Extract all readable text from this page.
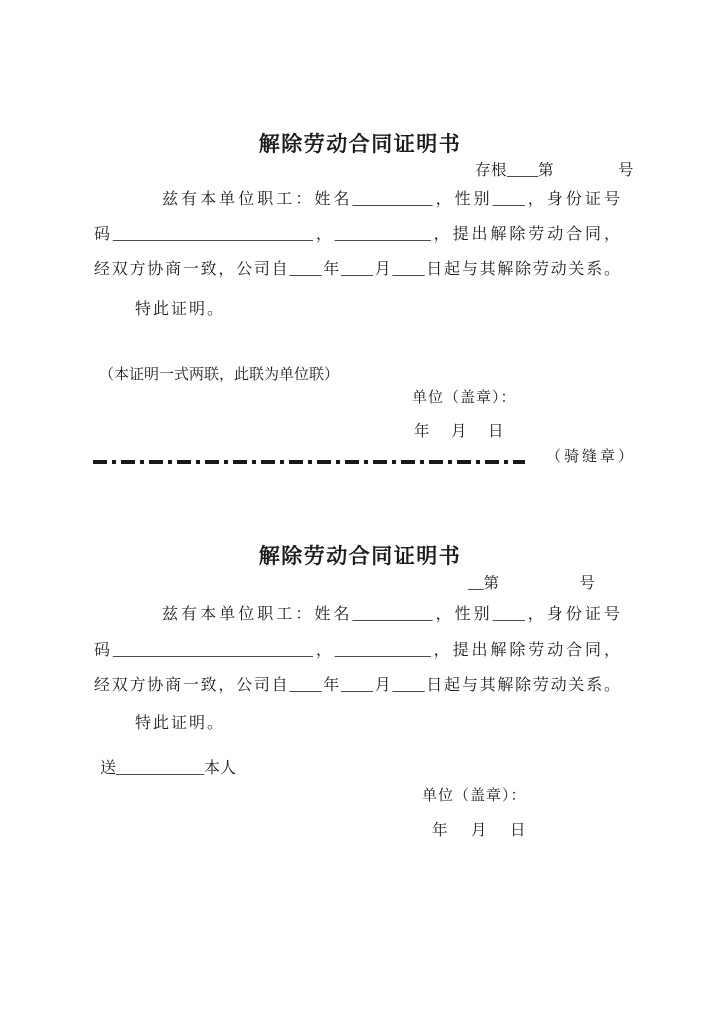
解除劳动合同证明书
存根____第　　　　号
兹有本单位职工：姓名__________，性别____，身份证号
码_________________________，____________，提出解除劳动合同，
经双方协商一致，公司自____年____月____日起与其解除劳动关系。
特此证明。
（本证明一式两联，此联为单位联）
单位（盖章）：
年　月　日
（骑缝章）
解除劳动合同证明书
__第　　　　　号
兹有本单位职工：姓名__________，性别____，身份证号
码_________________________，____________，提出解除劳动合同，
经双方协商一致，公司自____年____月____日起与其解除劳动关系。
特此证明。
送___________本人
单位（盖章）：
年　月　日
